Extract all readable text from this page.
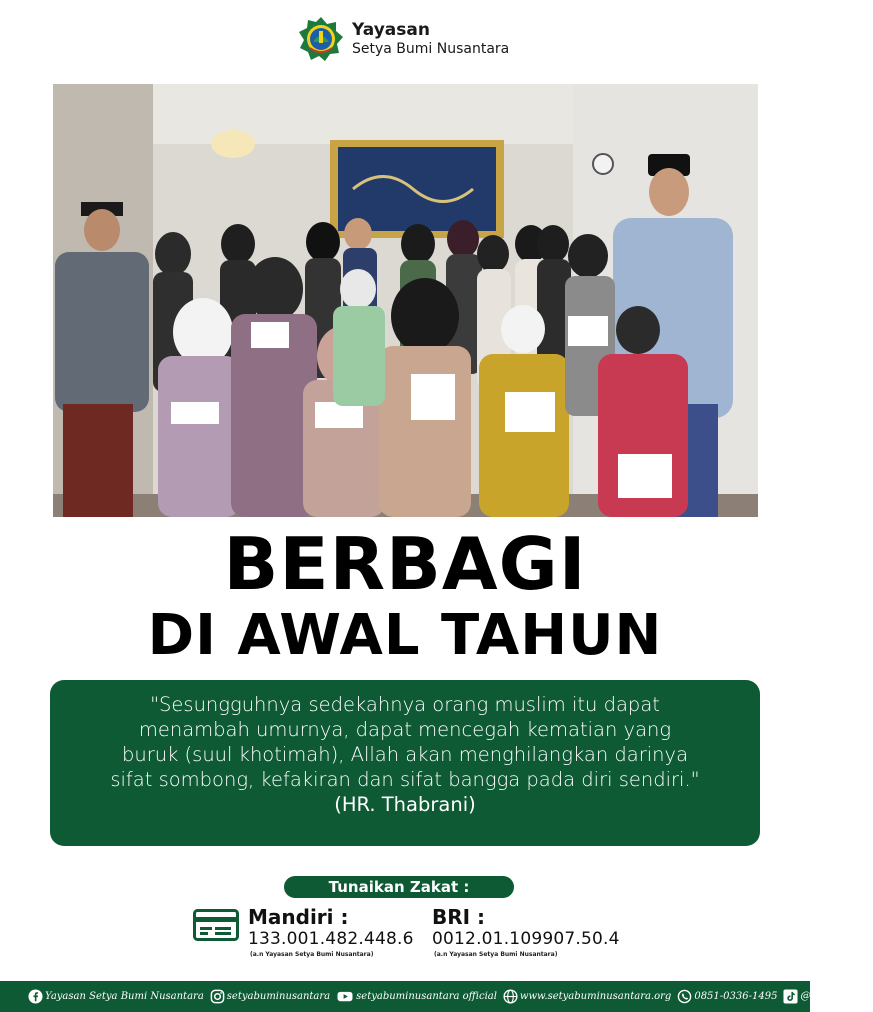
Yayasan
Setya Bumi Nusantara
BERBAGI
DI AWAL TAHUN
"Sesungguhnya sedekahnya orang muslim itu dapat
menambah umurnya, dapat mencegah kematian yang
buruk (suul khotimah), Allah akan menghilangkan darinya
sifat sombong, kefakiran dan sifat bangga pada diri sendiri."
(HR. Thabrani)
Tunaikan Zakat :
Mandiri :
133.001.482.448.6
(a.n Yayasan Setya Bumi Nusantara)
BRI :
0012.01.109907.50.4
(a.n Yayasan Setya Bumi Nusantara)
Yayasan Setya Bumi Nusantara setyabuminusantara	setyabuminusantara official www.setyabuminusantara.org 0851-0336-1495 @ysbn_official
